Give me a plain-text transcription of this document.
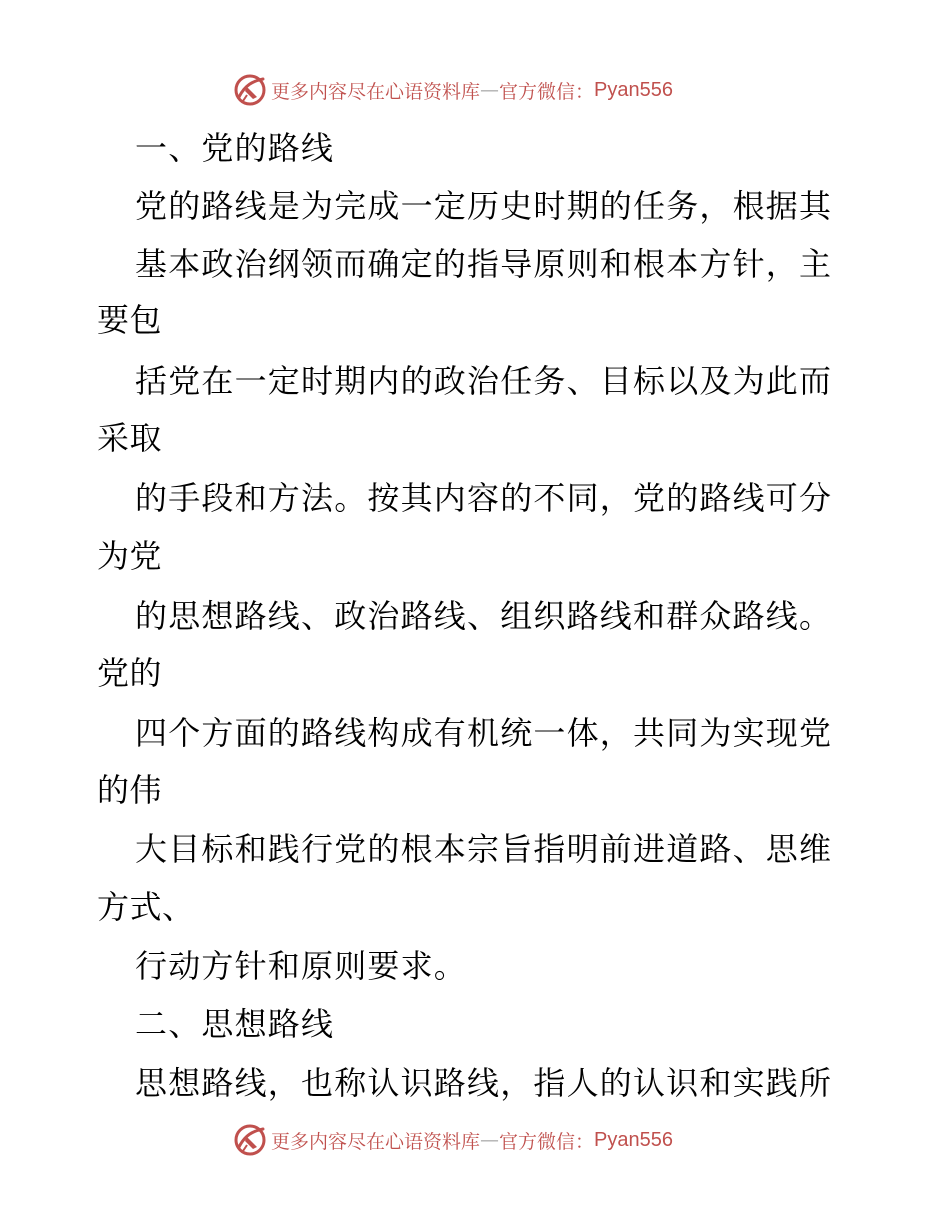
更多内容尽在心语资料库 — 官方微信： Pyan556
一、党的路线
党的路线是为完成一定历史时期的任务，根据其
基本政治纲领而确定的指导原则和根本方针，主
要包
括党在一定时期内的政治任务、目标以及为此而
采取
的手段和方法。按其内容的不同，党的路线可分
为党
的思想路线、政治路线、组织路线和群众路线。
党的
四个方面的路线构成有机统一体，共同为实现党
的伟
大目标和践行党的根本宗旨指明前进道路、思维
方式、
行动方针和原则要求。
二、思想路线
思想路线，也称认识路线，指人的认识和实践所
更多内容尽在心语资料库 — 官方微信： Pyan556
